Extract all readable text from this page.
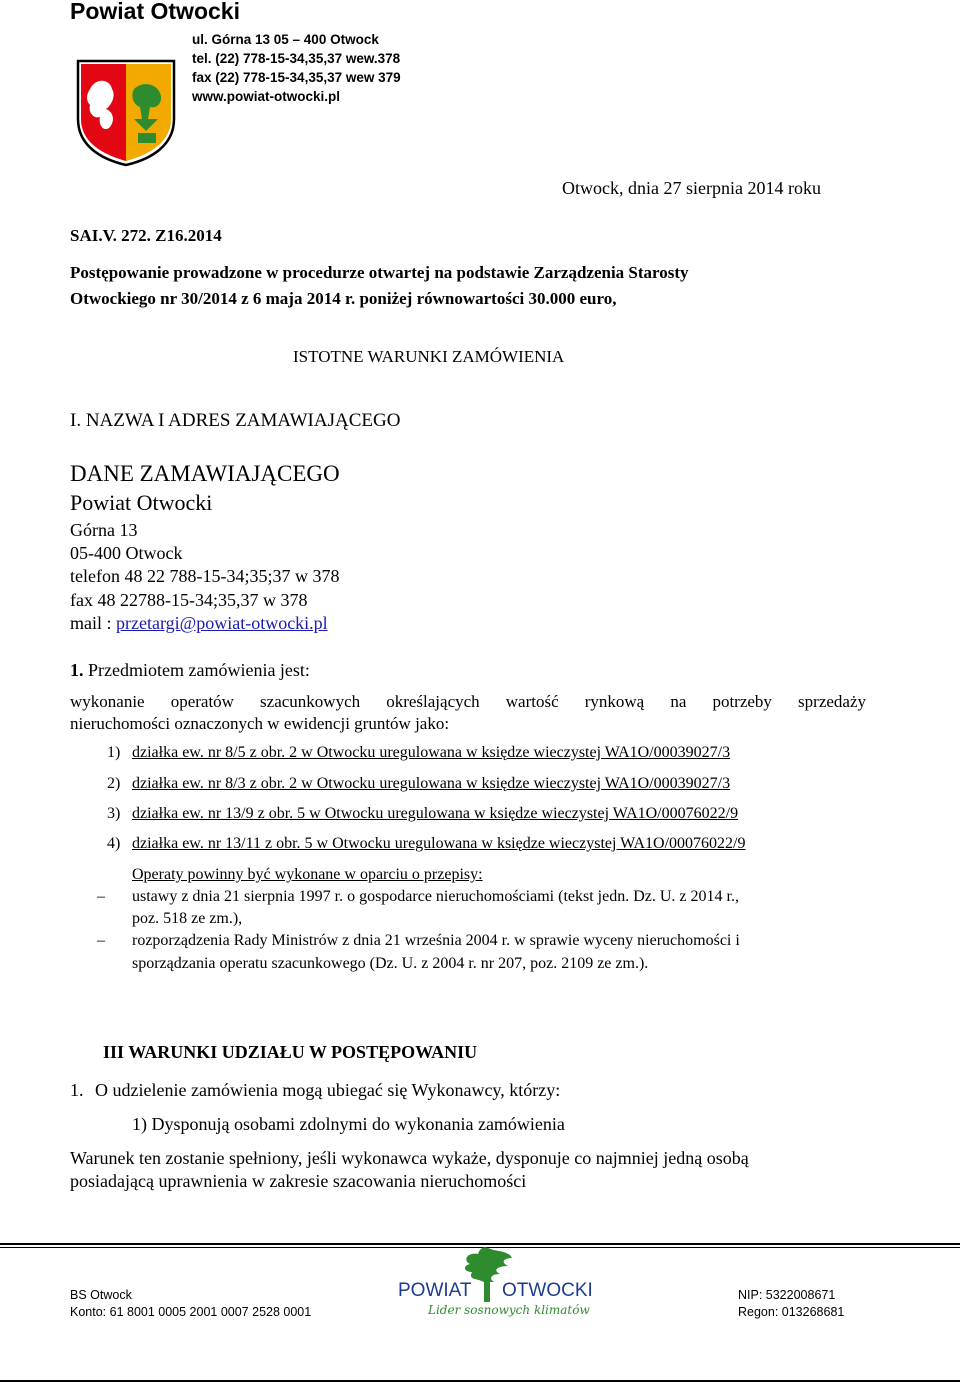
Powiat Otwocki
ul. Górna 13 05 – 400 Otwock
tel. (22) 778-15-34,35,37 wew.378
fax (22) 778-15-34,35,37 wew 379
www.powiat-otwocki.pl
Otwock, dnia 27 sierpnia 2014 roku
SAI.V. 272. Z16.2014
Postępowanie prowadzone w procedurze otwartej na podstawie Zarządzenia Starosty
Otwockiego nr 30/2014 z 6 maja 2014 r. poniżej równowartości 30.000 euro,
ISTOTNE WARUNKI ZAMÓWIENIA
I. NAZWA I ADRES ZAMAWIAJĄCEGO
DANE ZAMAWIAJĄCEGO
Powiat Otwocki
Górna 13
05-400 Otwock
telefon 48 22 788-15-34;35;37 w 378
fax 48 22788-15-34;35,37 w 378
mail : przetargi@powiat-otwocki.pl
1. Przedmiotem zamówienia jest:
wykonanie operatów szacunkowych określających wartość rynkową na potrzeby sprzedaży
nieruchomości oznaczonych w ewidencji gruntów jako:
1) działka ew. nr 8/5 z obr. 2 w Otwocku uregulowana w księdze wieczystej WA1O/00039027/3
2) działka ew. nr 8/3 z obr. 2 w Otwocku uregulowana w księdze wieczystej WA1O/00039027/3
3) działka ew. nr 13/9 z obr. 5 w Otwocku uregulowana w księdze wieczystej WA1O/00076022/9
4) działka ew. nr 13/11 z obr. 5 w Otwocku uregulowana w księdze wieczystej WA1O/00076022/9
Operaty powinny być wykonane w oparciu o przepisy:
– ustawy z dnia 21 sierpnia 1997 r. o gospodarce nieruchomościami (tekst jedn. Dz. U. z 2014 r.,
poz. 518 ze zm.),
– rozporządzenia Rady Ministrów z dnia 21 września 2004 r. w sprawie wyceny nieruchomości i
sporządzania operatu szacunkowego (Dz. U. z 2004 r. nr 207, poz. 2109 ze zm.).
III WARUNKI UDZIAŁU W POSTĘPOWANIU
1. O udzielenie zamówienia mogą ubiegać się Wykonawcy, którzy:
1) Dysponują osobami zdolnymi do wykonania zamówienia
Warunek ten zostanie spełniony, jeśli wykonawca wykaże, dysponuje co najmniej jedną osobą
posiadającą uprawnienia w zakresie szacowania nieruchomości
POWIAT OTWOCKI
Lider sosnowych klimatów
BS Otwock
Konto: 61 8001 0005 2001 0007 2528 0001
NIP: 5322008671
Regon: 013268681
